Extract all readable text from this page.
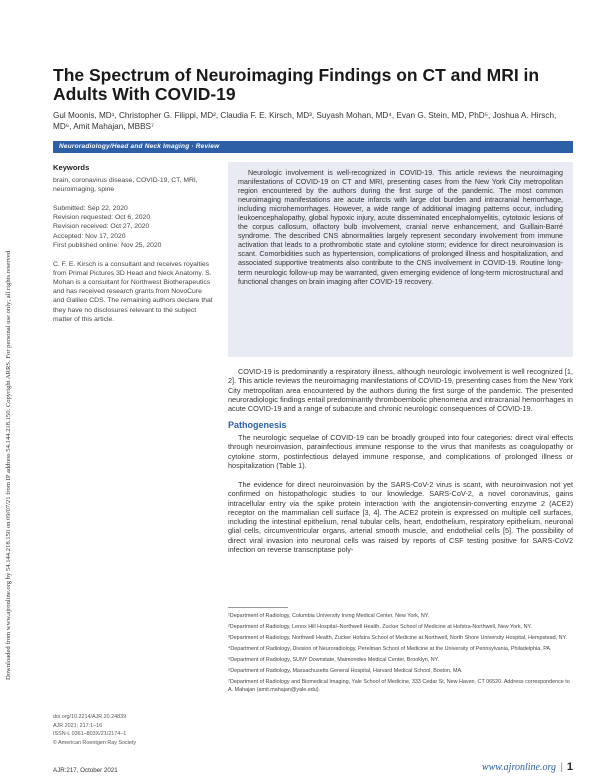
Downloaded from www.ajronline.org by 54.144.218.150 on 09/07/21 from IP address 54.144.218.150. Copyright ARRS. For personal use only; all rights reserved
The Spectrum of Neuroimaging Findings on CT and MRI in Adults With COVID-19
Gul Moonis, MD¹, Christopher G. Filippi, MD², Claudia F. E. Kirsch, MD³, Suyash Mohan, MD⁴, Evan G. Stein, MD, PhD⁵, Joshua A. Hirsch, MD⁶, Amit Mahajan, MBBS⁷
Neuroradiology/Head and Neck Imaging · Review
Keywords
brain, coronavirus disease, COVID-19, CT, MRI, neuroimaging, spine
Submitted: Sep 22, 2020
Revision requested: Oct 6, 2020
Revision received: Oct 27, 2020
Accepted: Nov 17, 2020
First published online: Nov 25, 2020
C. F. E. Kirsch is a consultant and receives royalties from Primal Pictures 3D Head and Neck Anatomy. S. Mohan is a consultant for Northwest Biotherapeutics and has received research grants from NovoCure and Galileo CDS. The remaining authors declare that they have no disclosures relevant to the subject matter of this article.
Neurologic involvement is well-recognized in COVID-19. This article reviews the neuroimaging manifestations of COVID-19 on CT and MRI, presenting cases from the New York City metropolitan region encountered by the authors during the first surge of the pandemic. The most common neuroimaging manifestations are acute infarcts with large clot burden and intracranial hemorrhage, including microhemorrhages. However, a wide range of additional imaging patterns occur, including leukoencephalopathy, global hypoxic injury, acute disseminated encephalomyelitis, cytotoxic lesions of the corpus callosum, olfactory bulb involvement, cranial nerve enhancement, and Guillain-Barré syndrome. The described CNS abnormalities largely represent secondary involvement from immune activation that leads to a prothrombotic state and cytokine storm; evidence for direct neuroinvasion is scant. Comorbidities such as hypertension, complications of prolonged illness and hospitalization, and associated supportive treatments also contribute to the CNS involvement in COVID-19. Routine long-term neurologic follow-up may be warranted, given emerging evidence of long-term microstructural and functional changes on brain imaging after COVID-19 recovery.

COVID-19 is predominantly a respiratory illness, although neurologic involvement is well recognized [1, 2]. This article reviews the neuroimaging manifestations of COVID-19, presenting cases from the New York City metropolitan area encountered by the authors during the first surge of the pandemic. The presented neuroradiologic findings entail predominantly thromboembolic phenomena and intracranial hemorrhages in acute COVID-19 and a range of subacute and chronic neurologic consequences of COVID-19.

Pathogenesis

The neurologic sequelae of COVID-19 can be broadly grouped into four categories: direct viral effects through neuroinvasion, parainfectious immune response to the virus that manifests as coagulopathy or cytokine storm, postinfectious delayed immune response, and complications of prolonged illness or hospitalization (Table 1).

The evidence for direct neuroinvasion by the SARS-CoV-2 virus is scant, with neuroinvasion not yet confirmed on histopathologic studies to our knowledge. SARS-CoV-2, a novel coronavirus, gains intracellular entry via the spike protein interaction with the angiotensin-converting enzyme 2 (ACE2) receptor on the mammalian cell surface [3, 4]. The ACE2 protein is expressed on multiple cell surfaces, including the intestinal epithelium, renal tubular cells, heart, endothelium, respiratory epithelium, neuronal glial cells, circumventricular organs, arterial smooth muscle, and endothelial cells [5]. The possibility of direct viral invasion into neuronal cells was raised by reports of CSF testing positive for SARS-CoV2 infection on reverse transcriptase poly-

¹Department of Radiology, Columbia University Irving Medical Center, New York, NY.
²Department of Radiology, Lenox Hill Hospital–Northwell Health, Zucker School of Medicine at Hofstra-Northwell, New York, NY.
³Department of Radiology, Northwell Health, Zucker Hofstra School of Medicine at Northwell, North Shore University Hospital, Hempstead, NY.
⁴Department of Radiology, Division of Neuroradiology, Perelman School of Medicine at the University of Pennsylvania, Philadelphia, PA.
⁵Department of Radiology, SUNY Downstate, Maimonides Medical Center, Brooklyn, NY.
⁶Department of Radiology, Massachusetts General Hospital, Harvard Medical School, Boston, MA.
⁷Department of Radiology and Biomedical Imaging, Yale School of Medicine, 333 Cedar St, New Haven, CT 06520. Address correspondence to A. Mahajan (amit.mahajan@yale.edu).
doi.org/10.2214/AJR.20.24839
AJR 2021; 217:1–16
ISSN-L 0361–803X/21/2174–1
© American Roentgen Ray Society
AJR:217, October 2021	www.ajronline.org | 1
